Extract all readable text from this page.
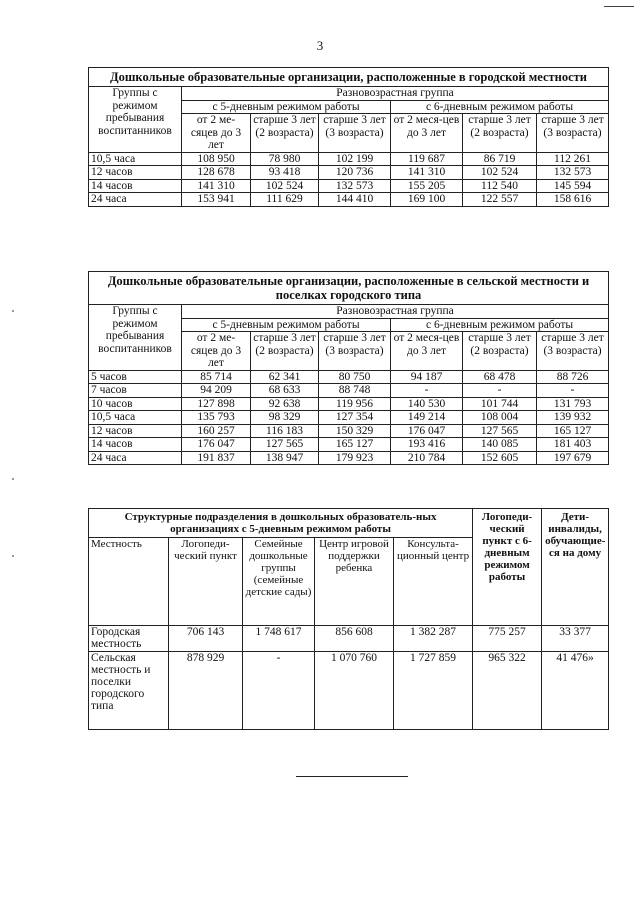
3
Дошкольные образовательные организации, расположенные в городской местности						
Группы с режимом пребывания воспитанников	Разновозрастная группа					
	с 5-дневным режимом работы			с 6-дневным режимом работы		
	от 2 ме-сяцев до 3 лет	старше 3 лет (2 возраста)	старше 3 лет (3 возраста)	от 2 меся-цев до 3 лет	старше 3 лет (2 возраста)	старше 3 лет (3 возраста)
10,5 часа	108 950	78 980	102 199	119 687	86 719	112 261
12 часов	128 678	93 418	120 736	141 310	102 524	132 573
14 часов	141 310	102 524	132 573	155 205	112 540	145 594
24 часа	153 941	111 629	144 410	169 100	122 557	158 616
Дошкольные образовательные организации, расположенные в сельской местности и поселках городского типа						
Группы с режимом пребывания воспитанников	Разновозрастная группа					
	с 5-дневным режимом работы			с 6-дневным режимом работы		
	от 2 ме-сяцев до 3 лет	старше 3 лет (2 возраста)	старше 3 лет (3 возраста)	от 2 меся-цев до 3 лет	старше 3 лет (2 возраста)	старше 3 лет (3 возраста)
5 часов	85 714	62 341	80 750	94 187	68 478	88 726
7 часов	94 209	68 633	88 748	-	-	-
10 часов	127 898	92 638	119 956	140 530	101 744	131 793
10,5 часа	135 793	98 329	127 354	149 214	108 004	139 932
12 часов	160 257	116 183	150 329	176 047	127 565	165 127
14 часов	176 047	127 565	165 127	193 416	140 085	181 403
24 часа	191 837	138 947	179 923	210 784	152 605	197 679
Структурные подразделения в дошкольных образователь-ных организациях с 5-дневным режимом работы					Логопеди-ческий пункт с 6-дневным режимом работы	Дети-инвалиды, обучающие-ся на дому
Местность	Логопеди-ческий пункт	Семейные дошкольные группы (семейные детские сады)	Центр игровой поддержки ребенка	Консульта-ционный центр		
Городская местность	706 143	1 748 617	856 608	1 382 287	775 257	33 377
Сельская местность и поселки городского типа	878 929	-	1 070 760	1 727 859	965 322	41 476»
